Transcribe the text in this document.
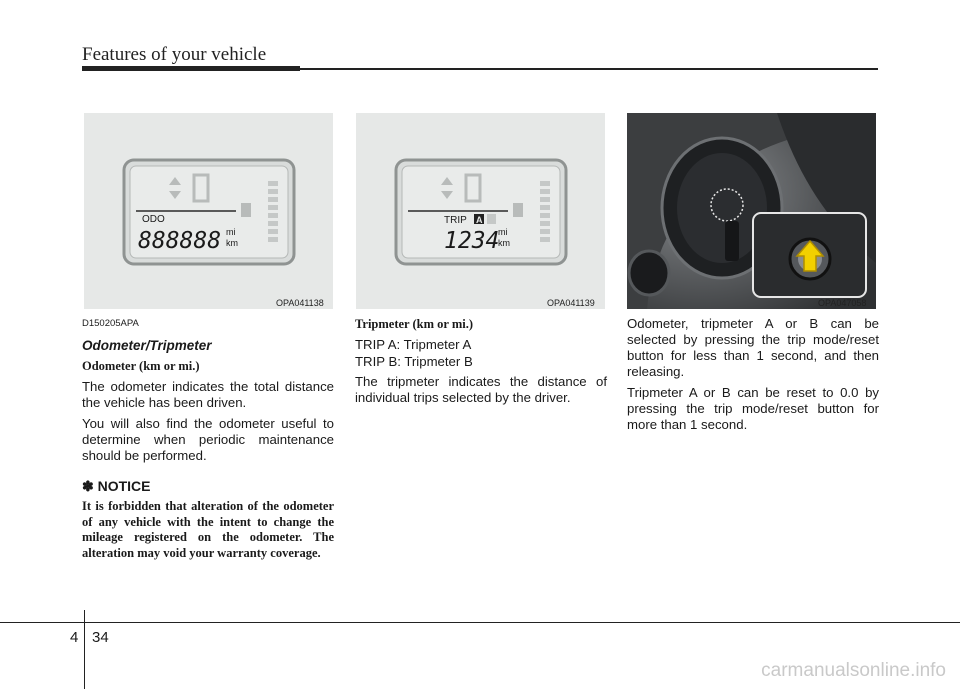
Features of your vehicle
ODO
888888 mi
km
OPA041138
TRIP A
1234
mi
km
OPA041139	OPA047058
D150205APA
Odometer/Tripmeter
Odometer (km or mi.)

The odometer indicates the total distance the vehicle has been driven.

You will also find the odometer useful to determine when periodic maintenance should be performed.

✽ NOTICE

It is forbidden that alteration of the odometer of any vehicle with the intent to change the mileage registered on the odometer. The alteration may void your warranty coverage.

Tripmeter (km or mi.)

TRIP A: Tripmeter A

TRIP B: Tripmeter B

The tripmeter indicates the distance of individual trips selected by the driver.

Odometer, tripmeter A or B can be selected by pressing the trip mode/reset button for less than 1 second, and then releasing.

Tripmeter A or B can be reset to 0.0 by pressing the trip mode/reset button for more than 1 second.

4 34
carmanualsonline.info
